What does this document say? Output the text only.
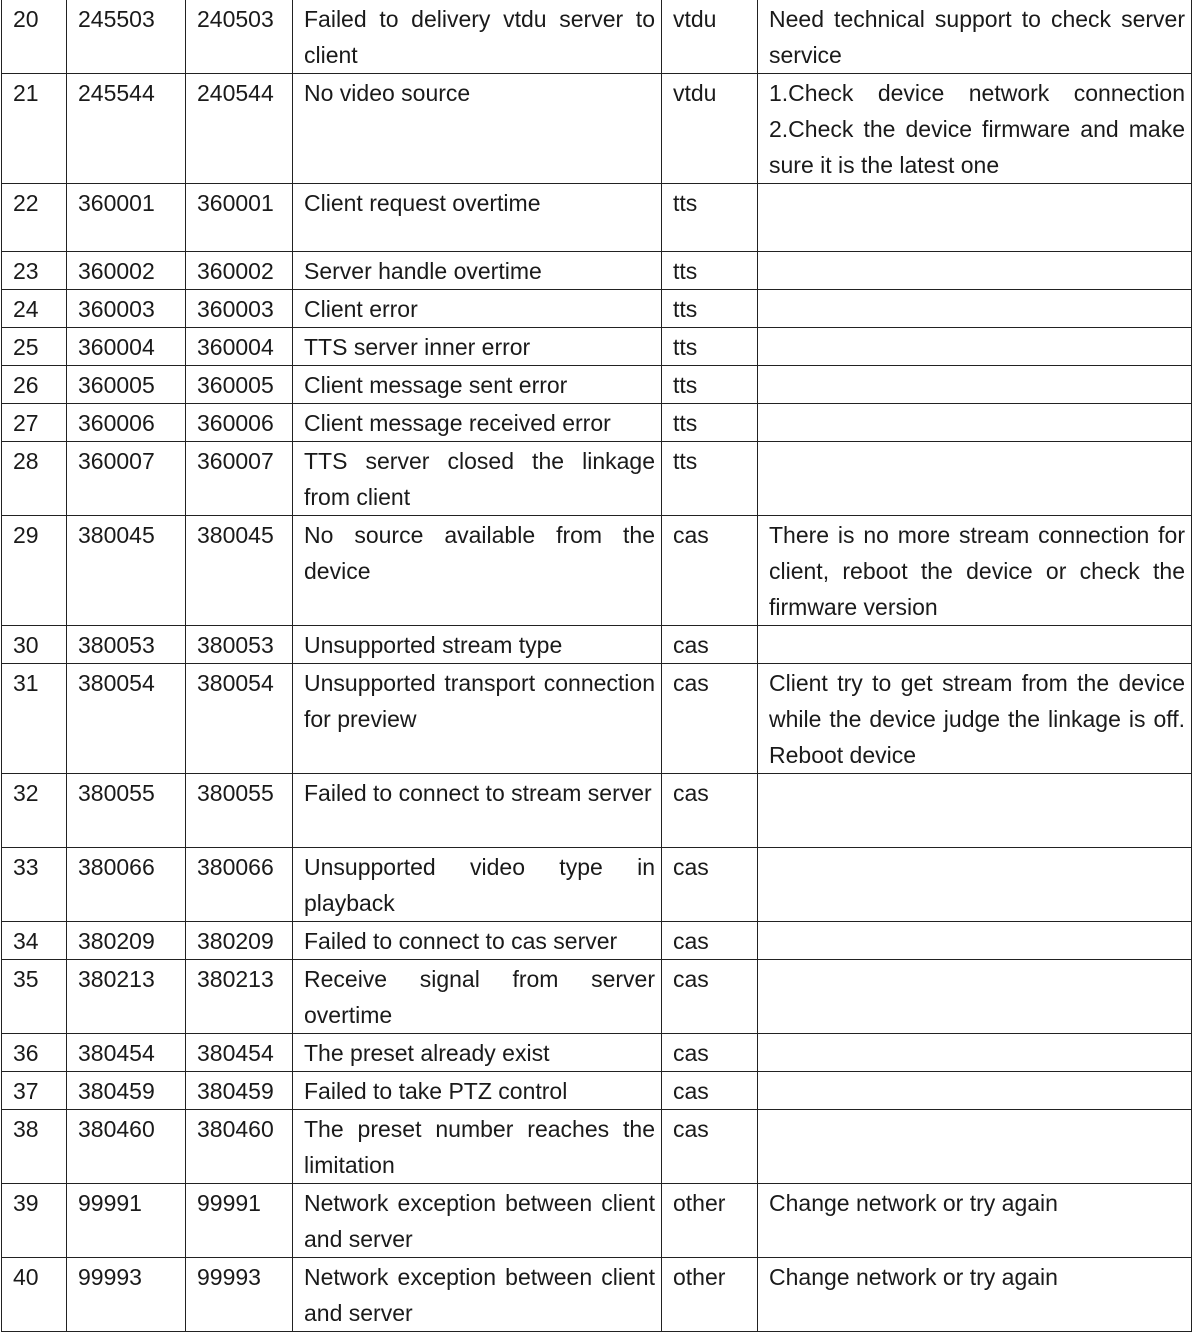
20	245503	240503	Failed to delivery vtdu server to client	vtdu	Need technical support to check server service
21	245544	240544	No video source	vtdu	1.Check device network connection 2.Check the device firmware and make sure it is the latest one
22	360001	360001	Client request overtime	tts	
23	360002	360002	Server handle overtime	tts	
24	360003	360003	Client error	tts	
25	360004	360004	TTS server inner error	tts	
26	360005	360005	Client message sent error	tts	
27	360006	360006	Client message received error	tts	
28	360007	360007	TTS server closed the linkage from client	tts	
29	380045	380045	No source available from the device	cas	There is no more stream connection for client, reboot the device or check the firmware version
30	380053	380053	Unsupported stream type	cas	
31	380054	380054	Unsupported transport connection for preview	cas	Client try to get stream from the device while the device judge the linkage is off. Reboot device
32	380055	380055	Failed to connect to stream server	cas	
33	380066	380066	Unsupported video type in playback	cas	
34	380209	380209	Failed to connect to cas server	cas	
35	380213	380213	Receive signal from server overtime	cas	
36	380454	380454	The preset already exist	cas	
37	380459	380459	Failed to take PTZ control	cas	
38	380460	380460	The preset number reaches the limitation	cas	
39	99991	99991	Network exception between client and server	other	Change network or try again
40	99993	99993	Network exception between client and server	other	Change network or try again
